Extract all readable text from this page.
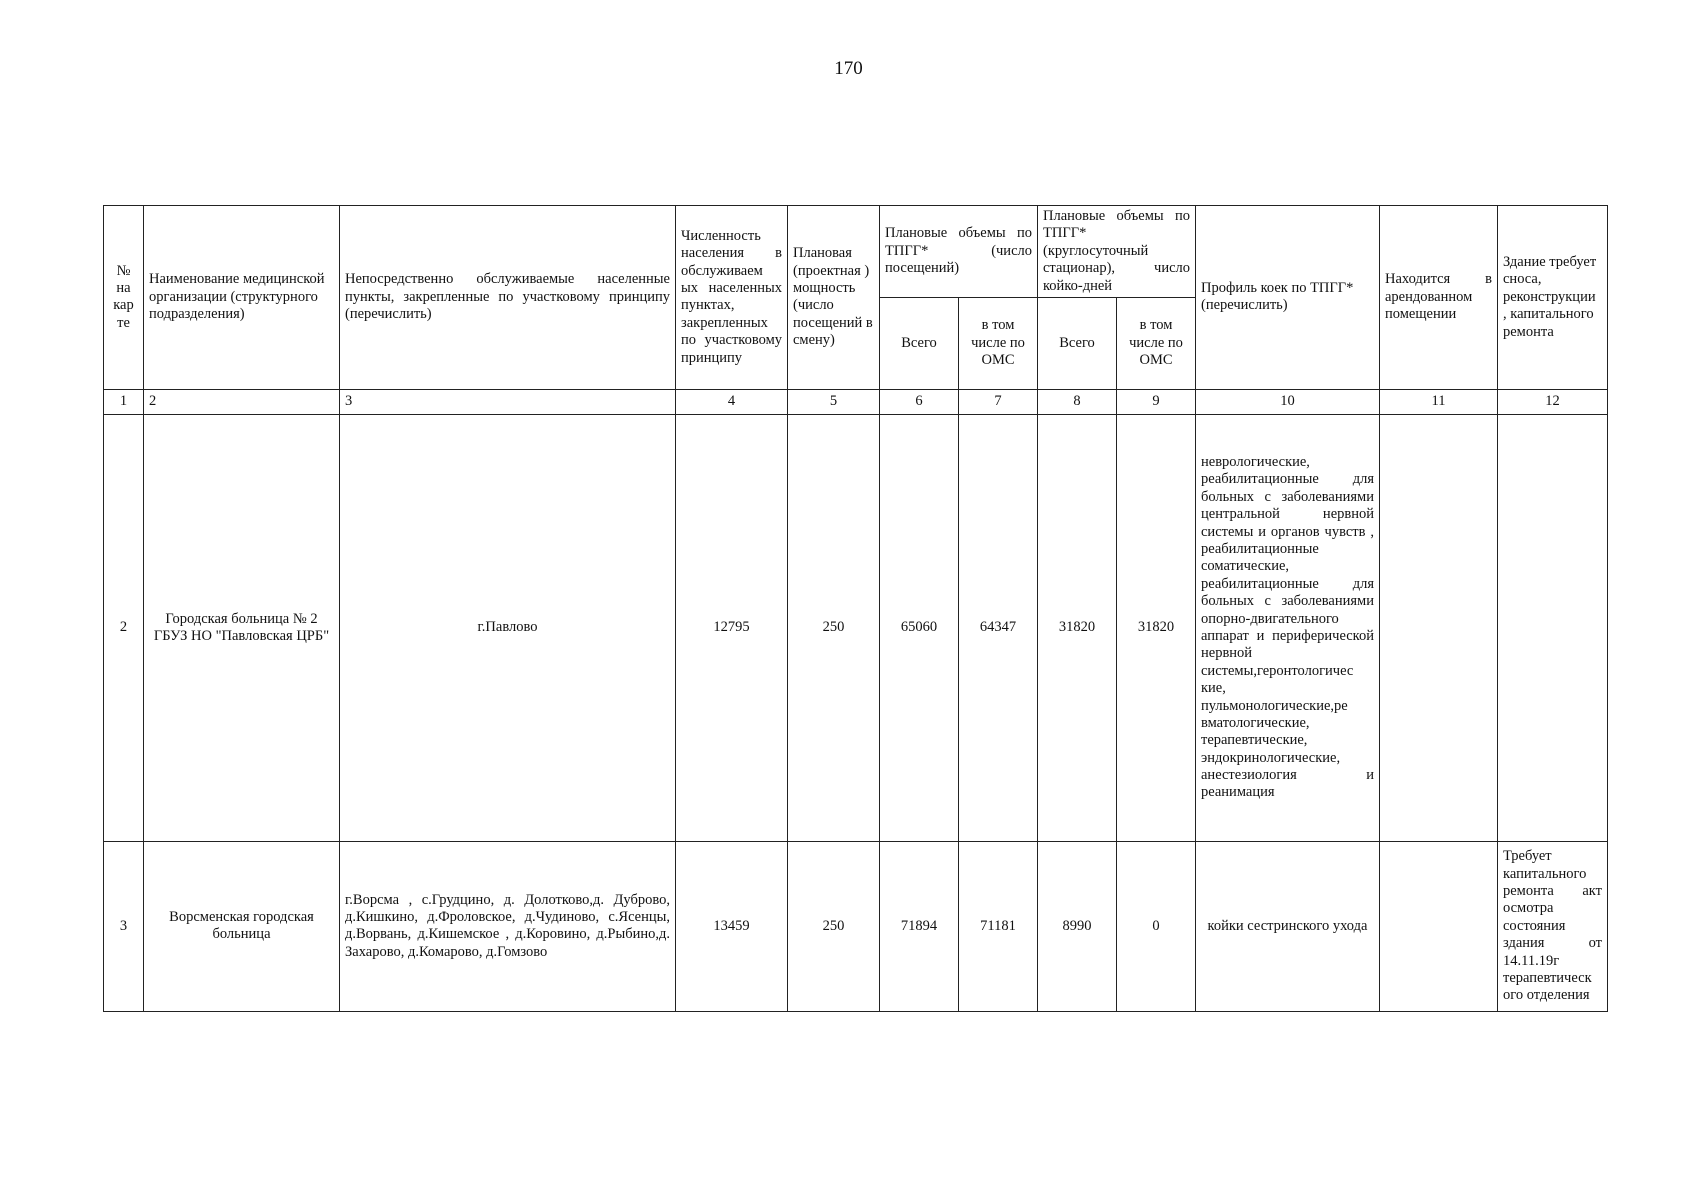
170
№ на кар те	Наименование медицинской организации (структурного подразделения)	Непосредственно обслуживаемые населенные пункты, закрепленные по участковому принципу (перечислить)	Численность населения в обслуживаем ых населенных пунктах, закрепленных по участковому принципу	Плановая (проектная ) мощность (число посещений в смену)	Плановые объемы по ТПГГ* (число посещений)		Плановые объемы по ТПГГ* (круглосуточный стационар), число койко-дней		Профиль коек по ТПГГ* (перечислить)	Находится в арендованном помещении	Здание требует сноса, реконструкции , капитального ремонта
					Всего	в том числе по ОМС	Всего	в том числе по ОМС			
1	2	3	4	5	6	7	8	9	10	11	12
2	Городская больница № 2 ГБУЗ НО "Павловская ЦРБ"	г.Павлово	12795	250	65060	64347	31820	31820	неврологические, реабилитационные для больных с заболеваниями центральной нервной системы и органов чувств , реабилитационные соматические, реабилитационные для больных с заболеваниями опорно-двигательного аппарат и периферической нервной системы,геронтологичес кие, пульмонологические,ре вматологические, терапевтические, эндокринологические, анестезиология и реанимация		
3	Ворсменская городская больница	г.Ворсма , с.Грудцино, д. Долотково,д. Дуброво, д.Кишкино, д.Фроловское, д.Чудиново, с.Ясенцы, д.Ворвань, д.Кишемское , д.Коровино, д.Рыбино,д. Захарово, д.Комарово, д.Гомзово	13459	250	71894	71181	8990	0	койки сестринского ухода		Требует капитального ремонта акт осмотра состояния здания от 14.11.19г терапевтическ ого отделения
